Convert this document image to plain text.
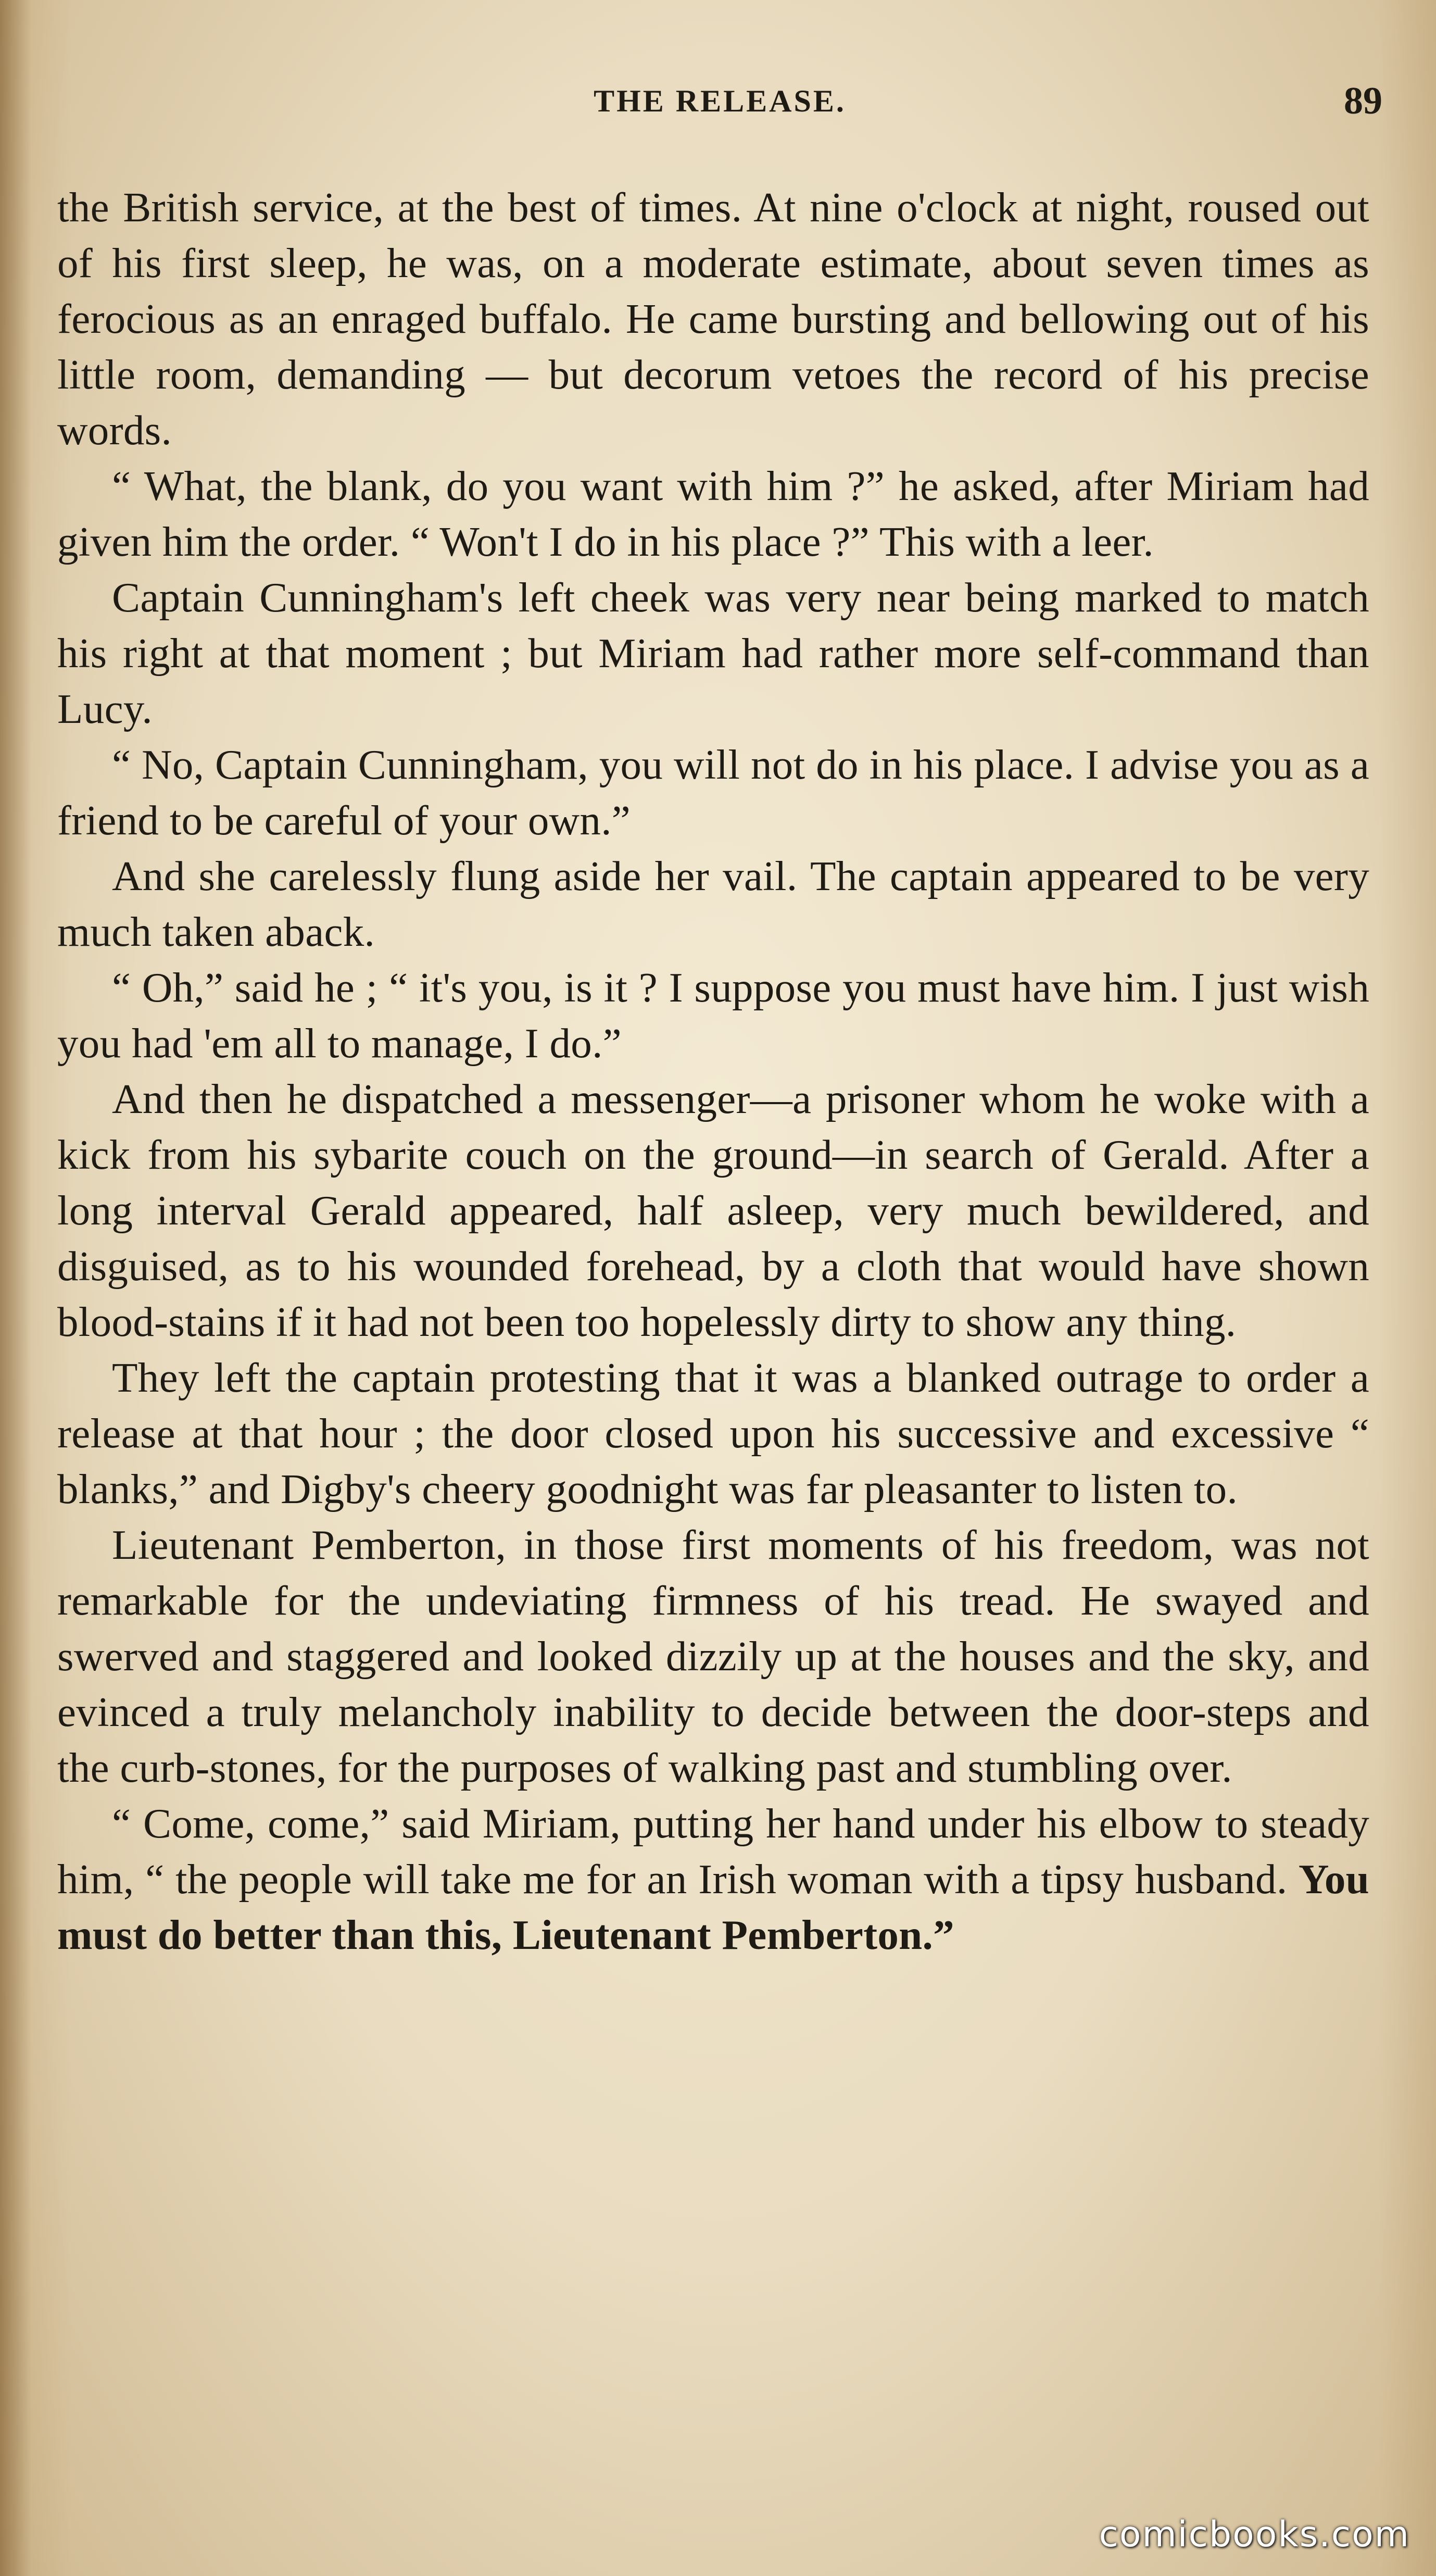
THE RELEASE.	89

the British service, at the best of times. At nine o'clock at night, roused out of his first sleep, he was, on a moderate estimate, about seven times as ferocious as an enraged buffalo. He came bursting and bellowing out of his little room, demanding — but decorum vetoes the record of his precise words.

“ What, the blank, do you want with him ?” he asked, after Miriam had given him the order. “ Won't I do in his place ?” This with a leer.

Captain Cunningham's left cheek was very near being marked to match his right at that moment ; but Miriam had rather more self-command than Lucy.

“ No, Captain Cunningham, you will not do in his place. I advise you as a friend to be careful of your own.”

And she carelessly flung aside her vail. The captain appeared to be very much taken aback.

“ Oh,” said he ; “ it's you, is it ? I suppose you must have him. I just wish you had 'em all to manage, I do.”

And then he dispatched a messenger—a prisoner whom he woke with a kick from his sybarite couch on the ground—in search of Gerald. After a long interval Gerald appeared, half asleep, very much bewildered, and disguised, as to his wounded forehead, by a cloth that would have shown blood-stains if it had not been too hopelessly dirty to show any thing.

They left the captain protesting that it was a blanked outrage to order a release at that hour ; the door closed upon his successive and excessive “ blanks,” and Digby's cheery goodnight was far pleasanter to listen to.

Lieutenant Pemberton, in those first moments of his freedom, was not remarkable for the undeviating firmness of his tread. He swayed and swerved and staggered and looked dizzily up at the houses and the sky, and evinced a truly melancholy inability to decide between the door-steps and the curb-stones, for the purposes of walking past and stumbling over.

“ Come, come,” said Miriam, putting her hand under his elbow to steady him, “ the people will take me for an Irish woman with a tipsy husband. You must do better than this, Lieutenant Pemberton.”

comicbooks.com
